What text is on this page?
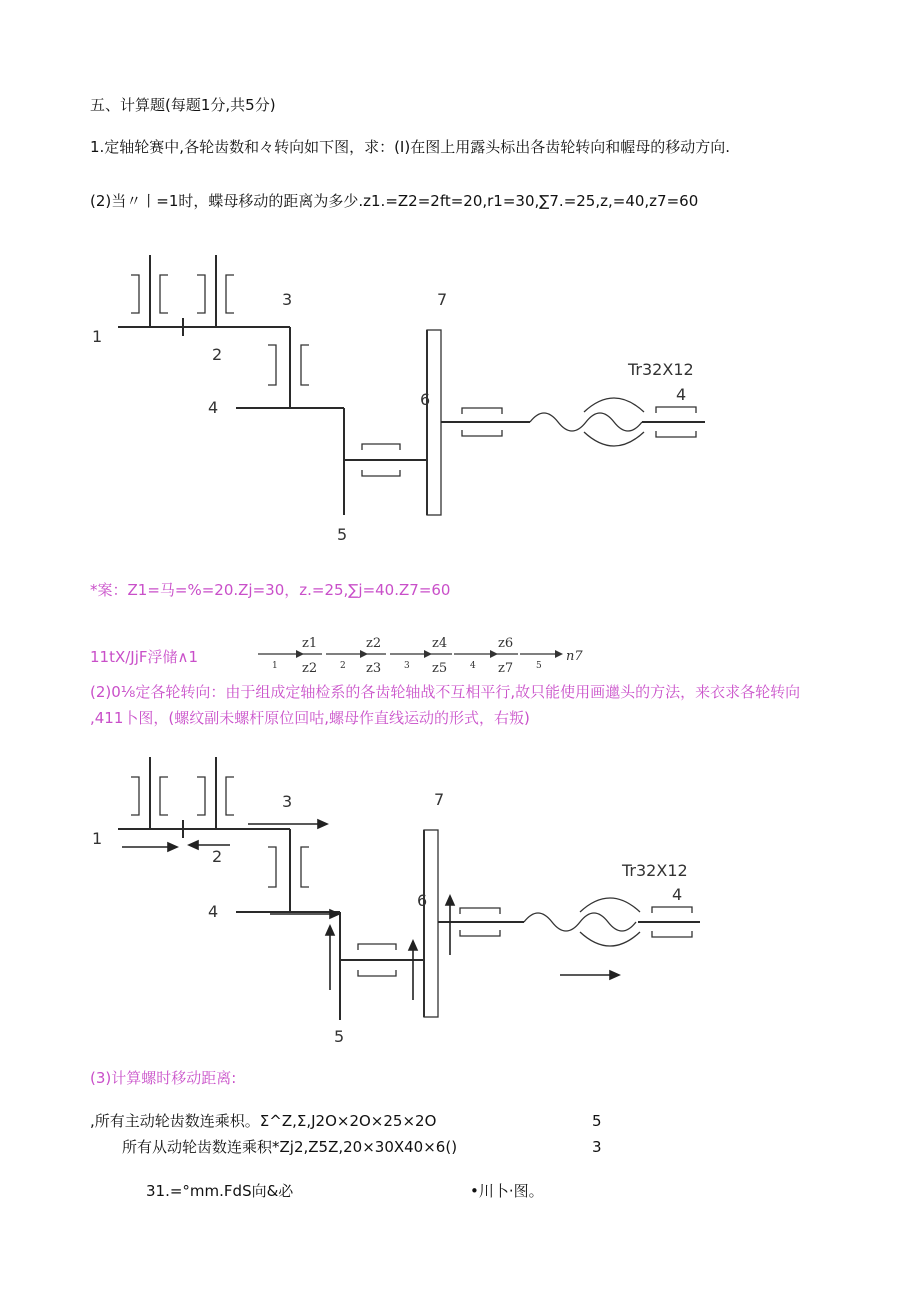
五、计算题(每题1分,共5分)
1.定轴轮赛中,各轮齿数和々转向如下图，求：(I)在图上用露头标出各齿轮转向和幄母的移动方向.
(2)当〃丨=1时，蝶母移动的距离为多少.z1.=Z2=2ft=20,r1=30,∑7.=25,z,=40,z7=60
1
2
3
4
5
6
7
Tr32X12
4
*案：Z1=马=%=20.Zj=30，z.=25,∑j=40.Z7=60
11tX/JjF浮储∧1	1
z1
z2	2
z2
z3	3
z4
z5	4
z6
z7	5
n7
(2)0⅛定各轮转向：由于组成定轴检系的各齿轮轴战不互相平行,故只能使用画邋头的方法，来衣求各轮转向
,411卜图，(螺纹副未螺杆原位回咕,螺母作直线运动的形式，右叛)
1
2
3
4
5
6
7
Tr32X12
4
(3)计算螺时移动距离:
,所有主动轮齿数连乘枳。Σ^Z,Σ,J2O×2O×25×2O	5
所有从动轮齿数连乘积*Zj2,Z5Z,20×30X40×6()	3
31.=°mm.FdS向&必	•川卜·图。
